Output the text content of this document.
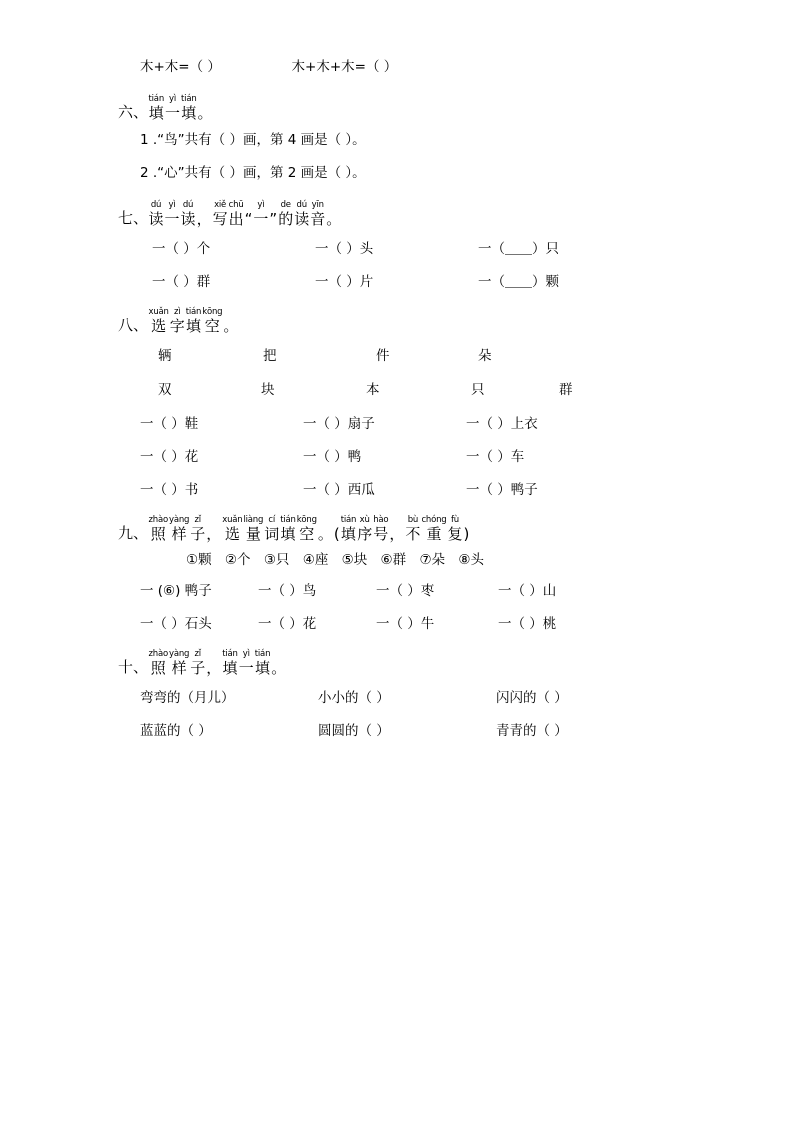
木+木=（ ）	木+木+木=（ ）
六、
tián
填
yì
一
tián
填 。
1 .“鸟”共有（ ）画，第 4 画是（ ）。
2 .“心”共有（ ）画，第 2 画是（ ）。
七、
dú
读
yì
一
dú
读 ，
xiě
写
chū
出 “
yì
一 ”
de
的
dú
读
yīn
音 。
一（ ）个	一（ ）头	一（＿＿）只
一（ ）群	一（ ）片	一（＿＿）颗
八、
xuǎn
选
zì
字
tián
填
kōng
空 。
辆	把	件	朵
双	块	本	只	群
一（ ）鞋	一（ ）扇子	一（ ）上衣
一（ ）花	一（ ）鸭	一（ ）车
一（ ）书	一（ ）西瓜	一（ ）鸭子
九、
zhào
照
yàng
样
zǐ
子 ，
xuǎn
选
liàng
量
cí
词
tián
填
kōng
空 。 (
tián
填
xù
序
hào
号 ，
bù
不
chóng
重
fù
复 )
①颗 ②个 ③只 ④座 ⑤块 ⑥群 ⑦朵 ⑧头
一 (⑥) 鸭子	一（ ）鸟	一（ ）枣	一（ ）山
一（ ）石头	一（ ）花	一（ ）牛	一（ ）桃
十、
zhào
照
yàng
样
zǐ
子 ，
tián
填
yì
一
tián
填 。
弯弯的（月儿）	小小的（ ）	闪闪的（ ）
蓝蓝的（ ）	圆圆的（ ）	青青的（ ）
